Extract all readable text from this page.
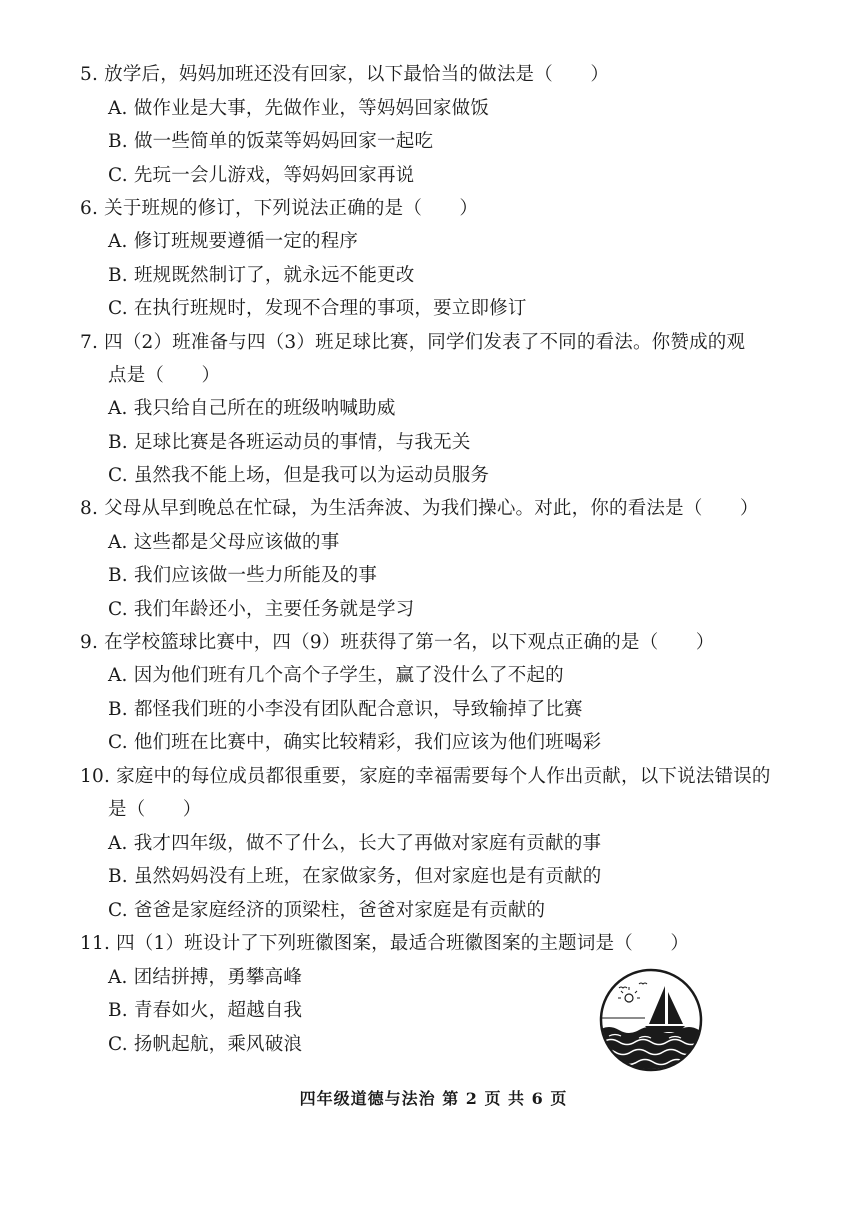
5. 放学后，妈妈加班还没有回家，以下最恰当的做法是（　　）
A. 做作业是大事，先做作业，等妈妈回家做饭
B. 做一些简单的饭菜等妈妈回家一起吃
C. 先玩一会儿游戏，等妈妈回家再说
6. 关于班规的修订，下列说法正确的是（　　）
A. 修订班规要遵循一定的程序
B. 班规既然制订了，就永远不能更改
C. 在执行班规时，发现不合理的事项，要立即修订
7. 四（2）班准备与四（3）班足球比赛，同学们发表了不同的看法。你赞成的观
点是（　　）
A. 我只给自己所在的班级呐喊助威
B. 足球比赛是各班运动员的事情，与我无关
C. 虽然我不能上场，但是我可以为运动员服务
8. 父母从早到晚总在忙碌，为生活奔波、为我们操心。对此，你的看法是（　　）
A. 这些都是父母应该做的事
B. 我们应该做一些力所能及的事
C. 我们年龄还小，主要任务就是学习
9. 在学校篮球比赛中，四（9）班获得了第一名，以下观点正确的是（　　）
A. 因为他们班有几个高个子学生，赢了没什么了不起的
B. 都怪我们班的小李没有团队配合意识，导致输掉了比赛
C. 他们班在比赛中，确实比较精彩，我们应该为他们班喝彩
10. 家庭中的每位成员都很重要，家庭的幸福需要每个人作出贡献，以下说法错误的
是（　　）
A. 我才四年级，做不了什么，长大了再做对家庭有贡献的事
B. 虽然妈妈没有上班，在家做家务，但对家庭也是有贡献的
C. 爸爸是家庭经济的顶梁柱，爸爸对家庭是有贡献的
11. 四（1）班设计了下列班徽图案，最适合班徽图案的主题词是（　　）
A. 团结拼搏，勇攀高峰
B. 青春如火，超越自我
C. 扬帆起航，乘风破浪
四年级道德与法治 第 2 页 共 6 页
